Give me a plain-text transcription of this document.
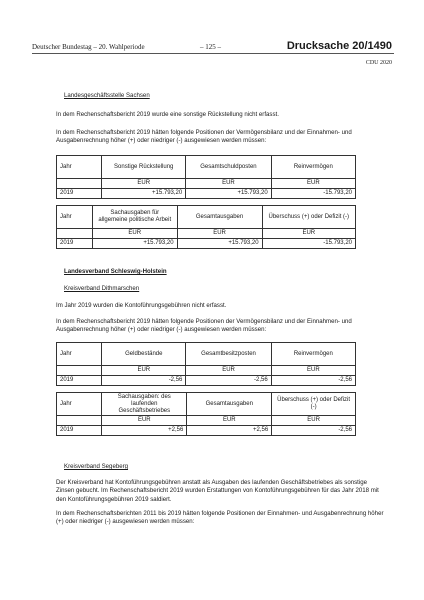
Deutscher Bundestag – 20. Wahlperiode	– 125 –	Drucksache 20/1490
CDU 2020
Landesgeschäftsstelle Sachsen
In dem Rechenschaftsbericht 2019 wurde eine sonstige Rückstellung nicht erfasst.
In dem Rechenschaftsbericht 2019 hätten folgende Positionen der Vermögensbilanz und der Einnahmen- und Ausgabenrechnung höher (+) oder niedriger (-) ausgewiesen werden müssen:
Jahr	Sonstige Rückstellung	Gesamtschuldposten	Reinvermögen
	EUR	EUR	EUR
2019	+15.793,20	+15.793,20	-15.793,20
Jahr	Sachausgaben für allgemeine politische Arbeit	Gesamtausgaben	Überschuss (+) oder Defizit (-)
	EUR	EUR	EUR
2019	+15.793,20	+15.793,20	-15.793,20
Landesverband Schleswig-Holstein
Kreisverband Dithmarschen
Im Jahr 2019 wurden die Kontoführungsgebühren nicht erfasst.
In dem Rechenschaftsbericht 2019 hätten folgende Positionen der Vermögensbilanz und der Einnahmen- und Ausgabenrechnung höher (+) oder niedriger (-) ausgewiesen werden müssen:
Jahr	Geldbestände	Gesamtbesitzposten	Reinvermögen
	EUR	EUR	EUR
2019	-2,56	-2,56	-2,56
Jahr	Sachausgaben: des laufenden Geschäftsbetriebes	Gesamtausgaben	Überschuss (+) oder Defizit (-)
	EUR	EUR	EUR
2019	+2,56	+2,56	-2,56
Kreisverband Segeberg
Der Kreisverband hat Kontoführungsgebühren anstatt als Ausgaben des laufenden Geschäftsbetriebes als sonstige Zinsen gebucht. Im Rechenschaftsbericht 2019 wurden Erstattungen von Kontoführungsgebühren für das Jahr 2018 mit den Kontoführungsgebühren 2019 saldiert.
In dem Rechenschaftsberichten 2011 bis 2019 hätten folgende Positionen der Einnahmen- und Ausgabenrechnung höher (+) oder niedriger (-) ausgewiesen werden müssen:
